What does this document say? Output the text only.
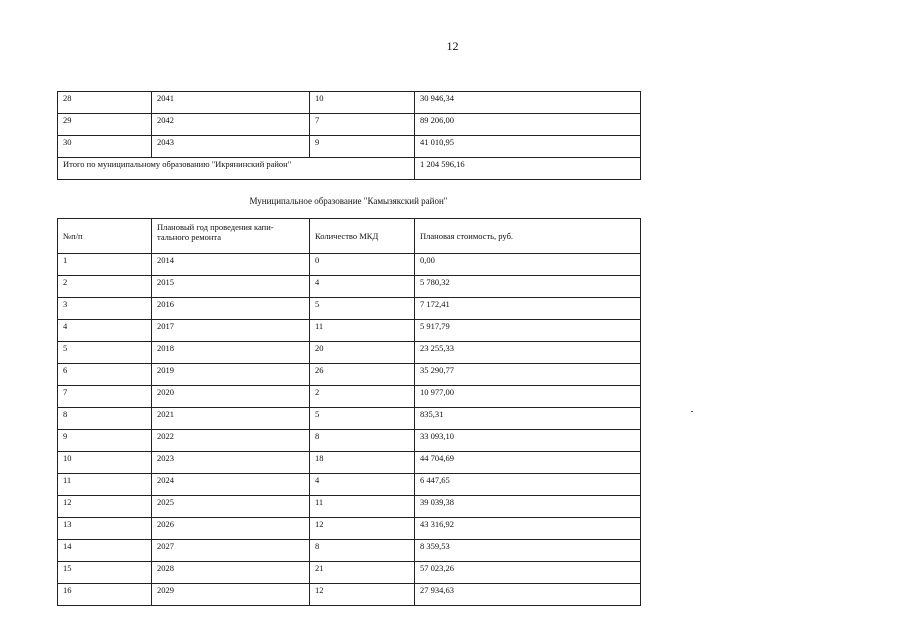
12
28	2041	10	30 946,34
29	2042	7	89 206,00
30	2043	9	41 010,95
Итого по муниципальному образованию "Икрянинский район"			1 204 596,16
Муниципальное образование "Камызякский район"
№п/п	Плановый год проведения капи- тального ремонта	Количество МКД	Плановая стоимость, руб.
1	2014	0	0,00
2	2015	4	5 780,32
3	2016	5	7 172,41
4	2017	11	5 917,79
5	2018	20	23 255,33
6	2019	26	35 290,77
7	2020	2	10 977,00
8	2021	5	835,31
9	2022	8	33 093,10
10	2023	18	44 704,69
11	2024	4	6 447,65
12	2025	11	39 039,38
13	2026	12	43 316,92
14	2027	8	8 359,53
15	2028	21	57 023,26
16	2029	12	27 934,63
